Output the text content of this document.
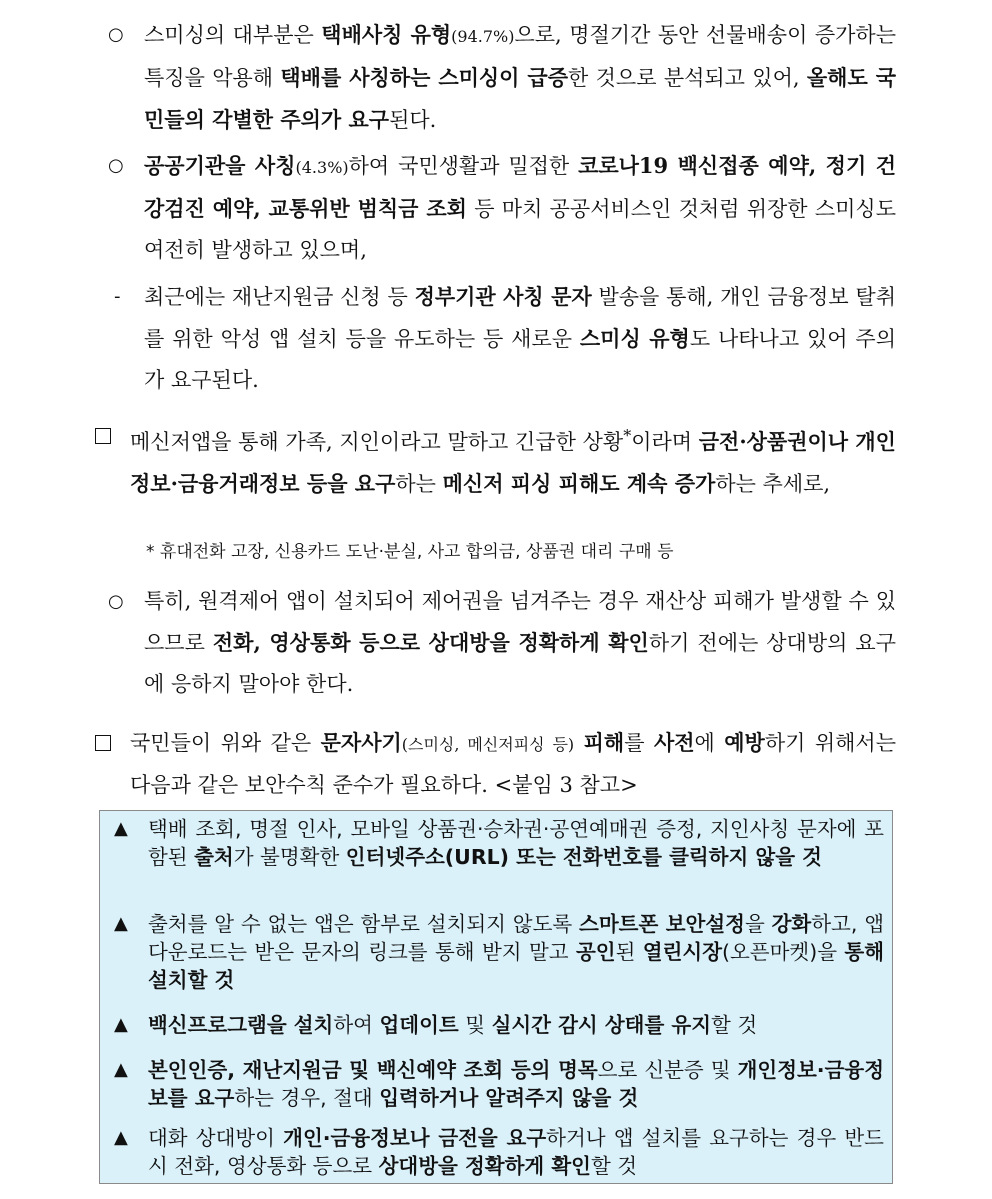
○ 스미싱의 대부분은 택배사칭 유형(94.7%)으로, 명절기간 동안 선물배송이 증가하는 특징을 악용해 택배를 사칭하는 스미싱이 급증한 것으로 분석되고 있어, 올해도 국민들의 각별한 주의가 요구된다.
○ 공공기관을 사칭(4.3%)하여 국민생활과 밀접한 코로나19 백신접종 예약, 정기 건강검진 예약, 교통위반 범칙금 조회 등 마치 공공서비스인 것처럼 위장한 스미싱도 여전히 발생하고 있으며,
- 최근에는 재난지원금 신청 등 정부기관 사칭 문자 발송을 통해, 개인 금융정보 탈취를 위한 악성 앱 설치 등을 유도하는 등 새로운 스미싱 유형도 나타나고 있어 주의가 요구된다.
메신저앱을 통해 가족, 지인이라고 말하고 긴급한 상황*이라며 금전·상품권이나 개인정보·금융거래정보 등을 요구하는 메신저 피싱 피해도 계속 증가하는 추세로,
* 휴대전화 고장, 신용카드 도난·분실, 사고 합의금, 상품권 대리 구매 등
○ 특히, 원격제어 앱이 설치되어 제어권을 넘겨주는 경우 재산상 피해가 발생할 수 있으므로 전화, 영상통화 등으로 상대방을 정확하게 확인하기 전에는 상대방의 요구에 응하지 말아야 한다.
국민들이 위와 같은 문자사기(스미싱, 메신저피싱 등) 피해를 사전에 예방하기 위해서는 다음과 같은 보안수칙 준수가 필요하다. <붙임 3 참고>
▲ 택배 조회, 명절 인사, 모바일 상품권·승차권·공연예매권 증정, 지인사칭 문자에 포함된 출처가 불명확한 인터넷주소(URL) 또는 전화번호를 클릭하지 않을 것
▲ 출처를 알 수 없는 앱은 함부로 설치되지 않도록 스마트폰 보안설정을 강화하고, 앱 다운로드는 받은 문자의 링크를 통해 받지 말고 공인된 열린시장(오픈마켓)을 통해 설치할 것
▲ 백신프로그램을 설치하여 업데이트 및 실시간 감시 상태를 유지할 것
▲ 본인인증, 재난지원금 및 백신예약 조회 등의 명목으로 신분증 및 개인정보·금융정보를 요구하는 경우, 절대 입력하거나 알려주지 않을 것
▲ 대화 상대방이 개인·금융정보나 금전을 요구하거나 앱 설치를 요구하는 경우 반드시 전화, 영상통화 등으로 상대방을 정확하게 확인할 것
